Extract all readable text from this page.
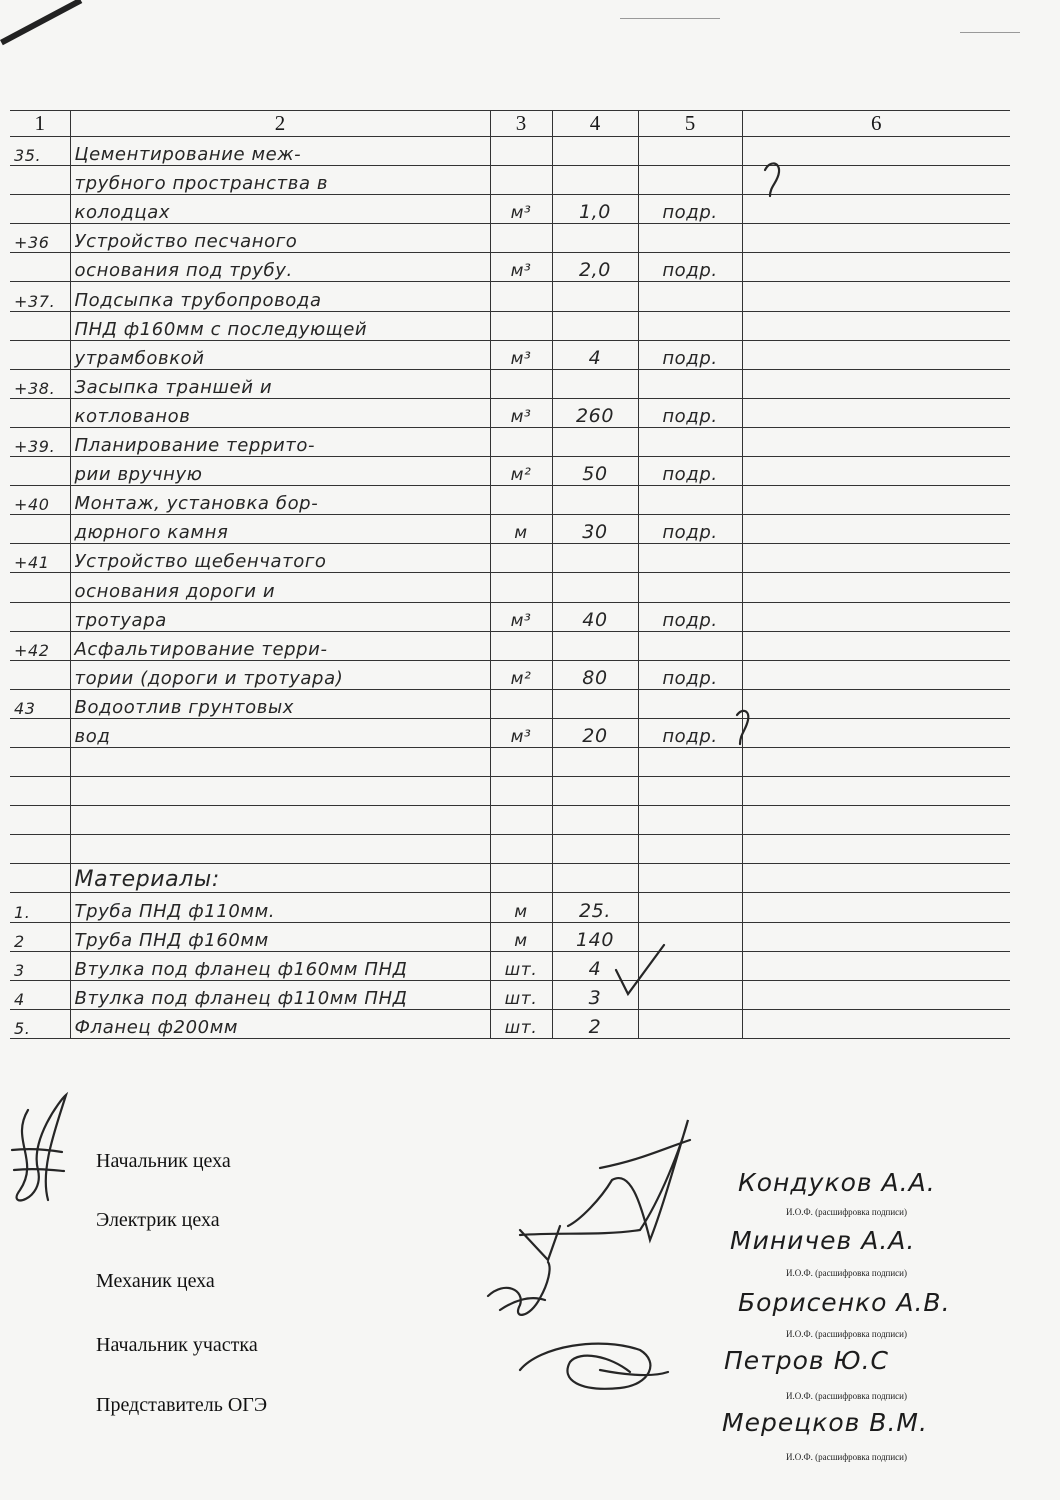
1	2	3	4	5	6
35.	Цементирование меж-				
	трубного пространства в				
	колодцах	м³	1,0	подр.	
+36	Устройство песчаного				
	основания под трубу.	м³	2,0	подр.	
+37.	Подсыпка трубопровода				
	ПНД ф160мм с последующей				
	утрамбовкой	м³	4	подр.	
+38.	Засыпка траншей и				
	котлованов	м³	260	подр.	
+39.	Планирование террито-				
	рии вручную	м²	50	подр.	
+40	Монтаж, установка бор-				
	дюрного камня	м	30	подр.	
+41	Устройство щебенчатого				
	основания дороги и				
	тротуара	м³	40	подр.	
+42	Асфальтирование терри-				
	тории (дороги и тротуара)	м²	80	подр.	
43	Водоотлив грунтовых				
	вод	м³	20	подр.	

	Материалы:				
1.	Труба ПНД ф110мм.	м	25.		
2	Труба ПНД ф160мм	м	140		
3	Втулка под фланец ф160мм ПНД	шт.	4		
4	Втулка под фланец ф110мм ПНД	шт.	3		
5.	Фланец ф200мм	шт.	2		
Начальник цеха
Электрик цеха
Механик цеха
Начальник участка
Представитель ОГЭ
Кондуков А.А.
Миничев А.А.
Борисенко А.В.
Петров Ю.С
Мерецков В.М.
И.О.Ф. (расшифровка подписи)
И.О.Ф. (расшифровка подписи)
И.О.Ф. (расшифровка подписи)
И.О.Ф. (расшифровка подписи)
И.О.Ф. (расшифровка подписи)
